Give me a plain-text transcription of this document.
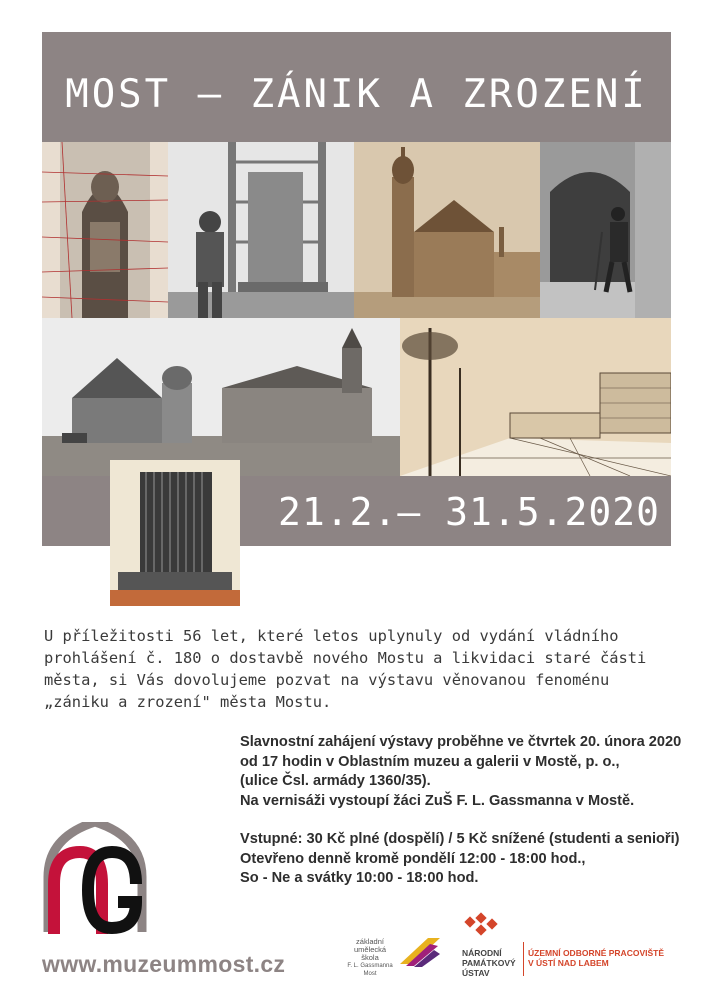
MOST – ZÁNIK A ZROZENÍ
21.2.– 31.5.2020
U příležitosti 56 let, které letos uplynuly od vydání vládního
prohlášení č. 180 o dostavbě nového Mostu a likvidaci staré části
města, si Vás dovolujeme pozvat na výstavu věnovanou fenoménu
„zániku a zrození" města Mostu.
Slavnostní zahájení výstavy proběhne ve čtvrtek 20. února 2020
od 17 hodin v Oblastním muzeu a galerii v Mostě, p. o.,
(ulice Čsl. armády 1360/35).
Na vernisáži vystoupí žáci ZuŠ F. L. Gassmanna v Mostě.
Vstupné: 30 Kč plné (dospělí) / 5 Kč snížené (studenti a senioři)
Otevřeno denně kromě pondělí 12:00 - 18:00 hod.,
So - Ne a svátky 10:00 - 18:00 hod.
www.muzeummost.cz
základní
umělecká
škola
F. L. Gassmanna Most
NÁRODNÍ
PAMÁTKOVÝ
ÚSTAV
ÚZEMNÍ ODBORNÉ PRACOVIŠTĚ
V ÚSTÍ NAD LABEM
